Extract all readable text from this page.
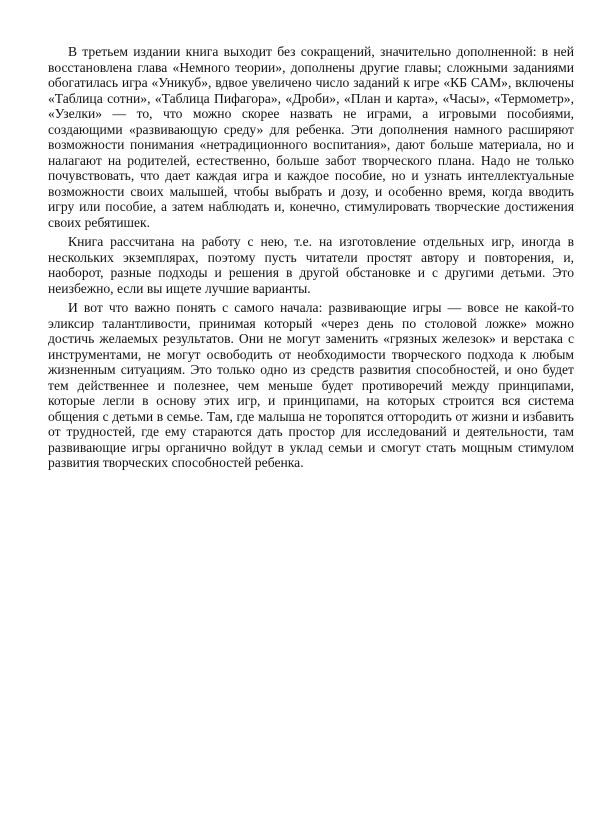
В третьем издании книга выходит без сокращений, значительно дополненной: в ней восстановлена глава «Немного теории», дополнены другие главы; сложными заданиями обогатилась игра «Уникуб», вдвое увеличено число заданий к игре «КБ САМ», включены «Таблица сотни», «Таблица Пифагора», «Дроби», «План и карта», «Часы», «Термометр», «Узелки» — то, что можно скорее назвать не играми, а игровыми пособиями, создающими «развивающую среду» для ребенка. Эти дополнения намного расширяют возможности понимания «нетрадиционного воспитания», дают больше материала, но и налагают на родителей, естественно, больше забот творческого плана. Надо не только почувствовать, что дает каждая игра и каждое пособие, но и узнать интеллектуальные возможности своих малышей, чтобы выбрать и дозу, и особенно время, когда вводить игру или пособие, а затем наблюдать и, конечно, стимулировать творческие достижения своих ребятишек.

Книга рассчитана на работу с нею, т.е. на изготовление отдельных игр, иногда в нескольких экземплярах, поэтому пусть читатели простят автору и повторения, и, наоборот, разные подходы и решения в другой обстановке и с другими детьми. Это неизбежно, если вы ищете лучшие варианты.

И вот что важно понять с самого начала: развивающие игры — вовсе не какой-то эликсир талантливости, принимая который «через день по столовой ложке» можно достичь желаемых результатов. Они не могут заменить «грязных железок» и верстака с инструментами, не могут освободить от необходимости творческого подхода к любым жизненным ситуациям. Это только одно из средств развития способностей, и оно будет тем действеннее и полезнее, чем меньше будет противоречий между принципами, которые легли в основу этих игр, и принципами, на которых строится вся система общения с детьми в семье. Там, где малыша не торопятся оттородить от жизни и избавить от трудностей, где ему стараются дать простор для исследований и деятельности, там развивающие игры органично войдут в уклад семьи и смогут стать мощным стимулом развития творческих способностей ребенка.
